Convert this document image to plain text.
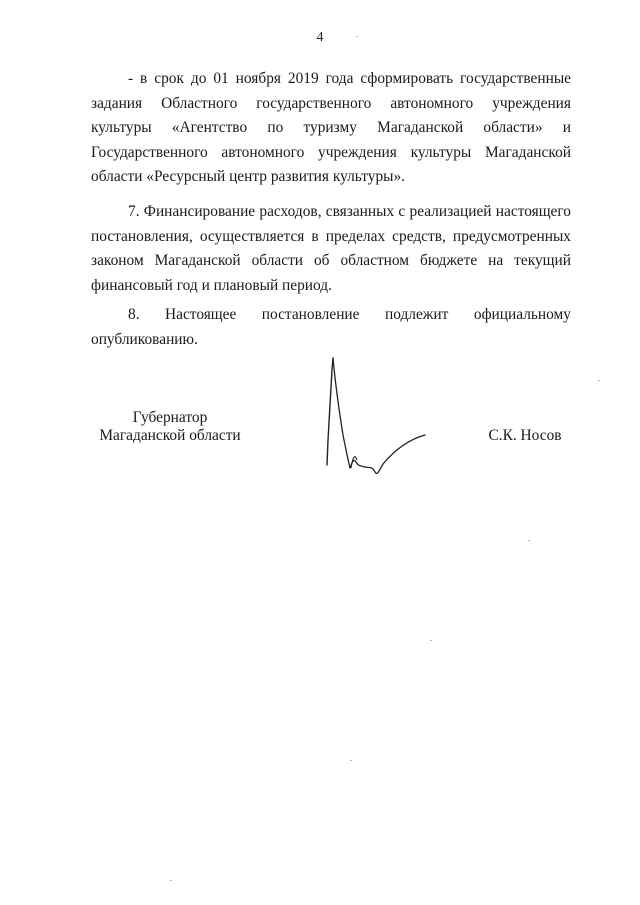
4

- в срок до 01 ноября 2019 года сформировать государственные задания Областного государственного автономного учреждения культуры «Агентство по туризму Магаданской области» и Государственного автономного учреждения культуры Магаданской области «Ресурсный центр развития культуры».

7. Финансирование расходов, связанных с реализацией настоящего постановления, осуществляется в пределах средств, предусмотренных законом Магаданской области об областном бюджете на текущий финансовый год и плановый период.

8. Настоящее постановление подлежит официальному
опубликованию.
Губернатор
Магаданской области	С.К. Носов
